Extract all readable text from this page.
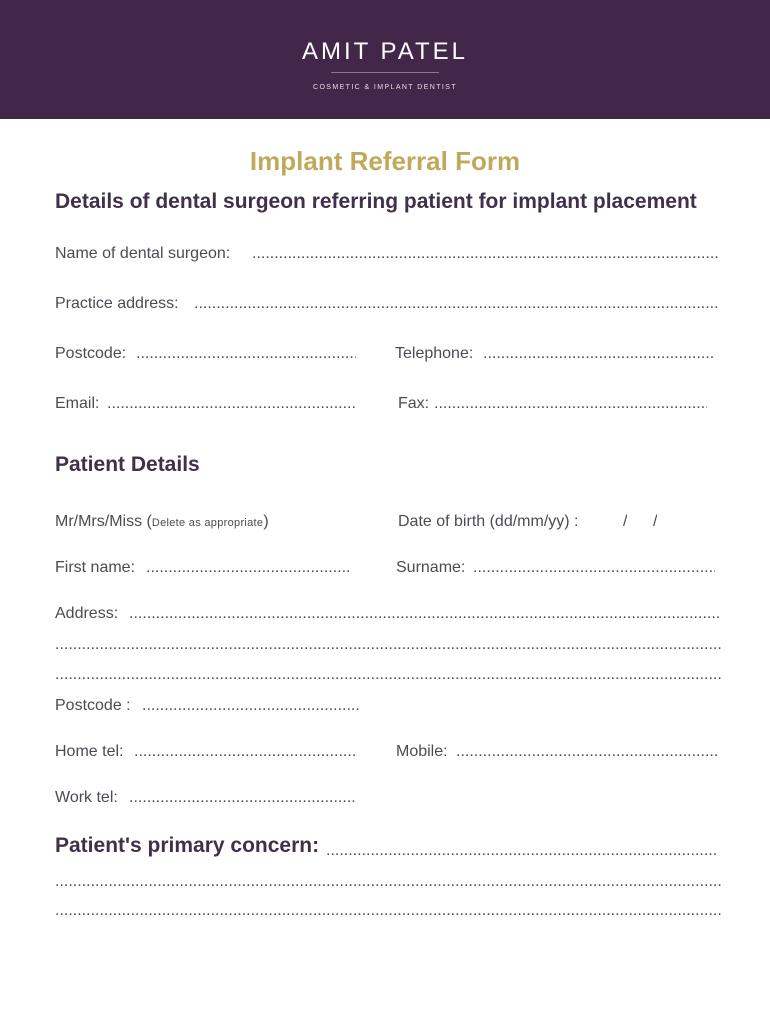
AMIT PATEL
COSMETIC & IMPLANT DENTIST
Implant Referral Form
Details of dental surgeon referring patient for implant placement
Name of dental surgeon:
.....
Practice address:
.....
Postcode: .....	Telephone:
.....
Email: .....	Fax:
.....
Patient Details
Mr/Mrs/Miss (Delete as appropriate)	Date of birth (dd/mm/yy) :	/ /
First name: .....	Surname:
.....
Address:
.....
.....
.....
Postcode :
.....
Home tel: .....	Mobile:
.....
Work tel:
.....
Patient's primary concern:
.....
.....
.....
